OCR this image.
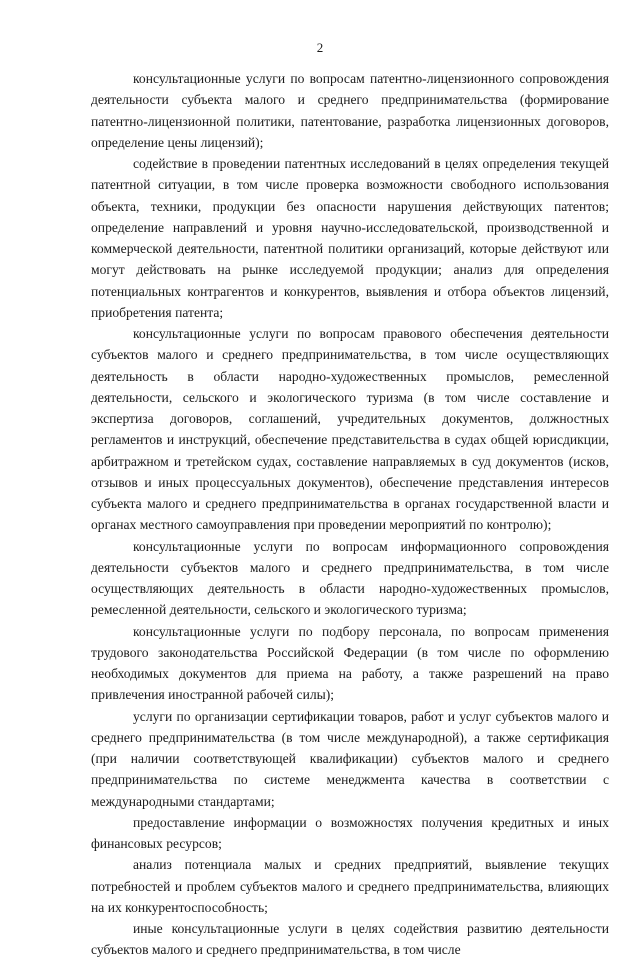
2

консультационные услуги по вопросам патентно-лицензионного сопровождения деятельности субъекта малого и среднего предпринимательства (формирование патентно-лицензионной политики, патентование, разработка лицензионных договоров, определение цены лицензий);

содействие в проведении патентных исследований в целях определения текущей патентной ситуации, в том числе проверка возможности свободного использования объекта, техники, продукции без опасности нарушения действующих патентов; определение направлений и уровня научно-исследовательской, производственной и коммерческой деятельности, патентной политики организаций, которые действуют или могут действовать на рынке исследуемой продукции; анализ для определения потенциальных контрагентов и конкурентов, выявления и отбора объектов лицензий, приобретения патента;

консультационные услуги по вопросам правового обеспечения деятельности субъектов малого и среднего предпринимательства, в том числе осуществляющих деятельность в области народно-художественных промыслов, ремесленной деятельности, сельского и экологического туризма (в том числе составление и экспертиза договоров, соглашений, учредительных документов, должностных регламентов и инструкций, обеспечение представительства в судах общей юрисдикции, арбитражном и третейском судах, составление направляемых в суд документов (исков, отзывов и иных процессуальных документов), обеспечение представления интересов субъекта малого и среднего предпринимательства в органах государственной власти и органах местного самоуправления при проведении мероприятий по контролю);

консультационные услуги по вопросам информационного сопровождения деятельности субъектов малого и среднего предпринимательства, в том числе осуществляющих деятельность в области народно-художественных промыслов, ремесленной деятельности, сельского и экологического туризма;

консультационные услуги по подбору персонала, по вопросам применения трудового законодательства Российской Федерации (в том числе по оформлению необходимых документов для приема на работу, а также разрешений на право привлечения иностранной рабочей силы);

услуги по организации сертификации товаров, работ и услуг субъектов малого и среднего предпринимательства (в том числе международной), а также сертификация (при наличии соответствующей квалификации) субъектов малого и среднего предпринимательства по системе менеджмента качества в соответствии с международными стандартами;

предоставление информации о возможностях получения кредитных и иных финансовых ресурсов;

анализ потенциала малых и средних предприятий, выявление текущих потребностей и проблем субъектов малого и среднего предпринимательства, влияющих на их конкурентоспособность;

иные консультационные услуги в целях содействия развитию деятельности субъектов малого и среднего предпринимательства, в том числе
